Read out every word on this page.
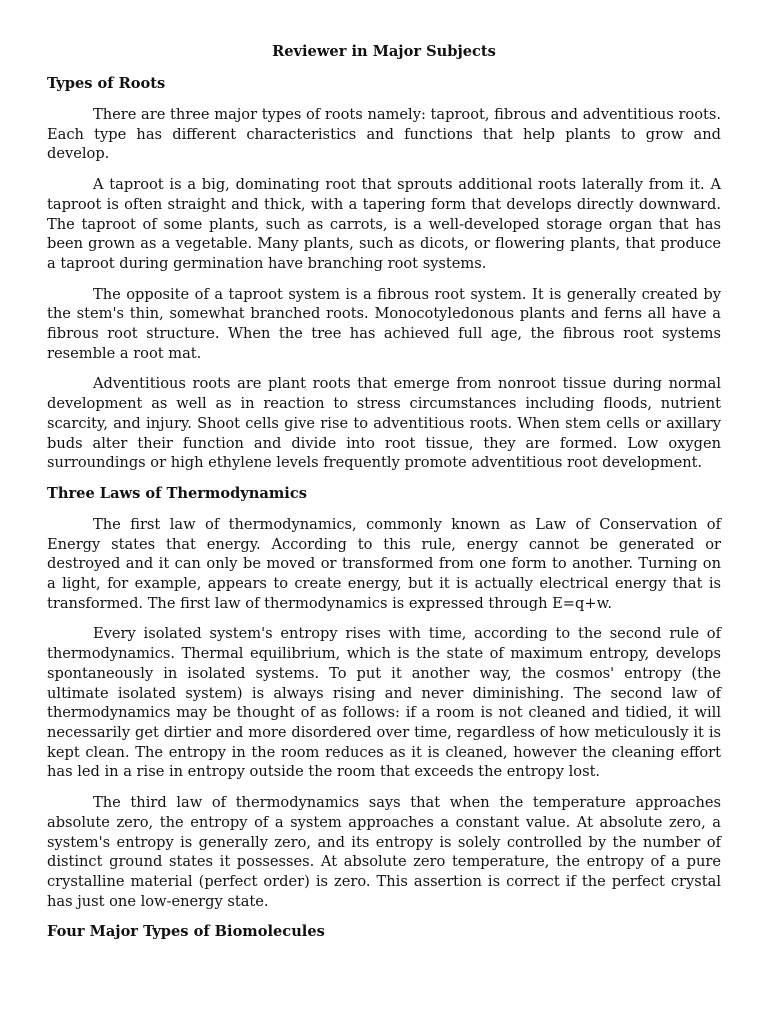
Reviewer in Major Subjects
Types of Roots

There are three major types of roots namely: taproot, fibrous and adventitious roots. Each type has different characteristics and functions that help plants to grow and develop.

A taproot is a big, dominating root that sprouts additional roots laterally from it. A taproot is often straight and thick, with a tapering form that develops directly downward. The taproot of some plants, such as carrots, is a well-developed storage organ that has been grown as a vegetable. Many plants, such as dicots, or flowering plants, that produce a taproot during germination have branching root systems.

The opposite of a taproot system is a fibrous root system. It is generally created by the stem's thin, somewhat branched roots. Monocotyledonous plants and ferns all have a fibrous root structure. When the tree has achieved full age, the fibrous root systems resemble a root mat.

Adventitious roots are plant roots that emerge from nonroot tissue during normal development as well as in reaction to stress circumstances including floods, nutrient scarcity, and injury. Shoot cells give rise to adventitious roots. When stem cells or axillary buds alter their function and divide into root tissue, they are formed. Low oxygen surroundings or high ethylene levels frequently promote adventitious root development.

Three Laws of Thermodynamics

The first law of thermodynamics, commonly known as Law of Conservation of Energy states that energy. According to this rule, energy cannot be generated or destroyed and it can only be moved or transformed from one form to another. Turning on a light, for example, appears to create energy, but it is actually electrical energy that is transformed. The first law of thermodynamics is expressed through E=q+w.

Every isolated system's entropy rises with time, according to the second rule of thermodynamics. Thermal equilibrium, which is the state of maximum entropy, develops spontaneously in isolated systems. To put it another way, the cosmos' entropy (the ultimate isolated system) is always rising and never diminishing. The second law of thermodynamics may be thought of as follows: if a room is not cleaned and tidied, it will necessarily get dirtier and more disordered over time, regardless of how meticulously it is kept clean. The entropy in the room reduces as it is cleaned, however the cleaning effort has led in a rise in entropy outside the room that exceeds the entropy lost.

The third law of thermodynamics says that when the temperature approaches absolute zero, the entropy of a system approaches a constant value. At absolute zero, a system's entropy is generally zero, and its entropy is solely controlled by the number of distinct ground states it possesses. At absolute zero temperature, the entropy of a pure crystalline material (perfect order) is zero. This assertion is correct if the perfect crystal has just one low-energy state.

Four Major Types of Biomolecules
